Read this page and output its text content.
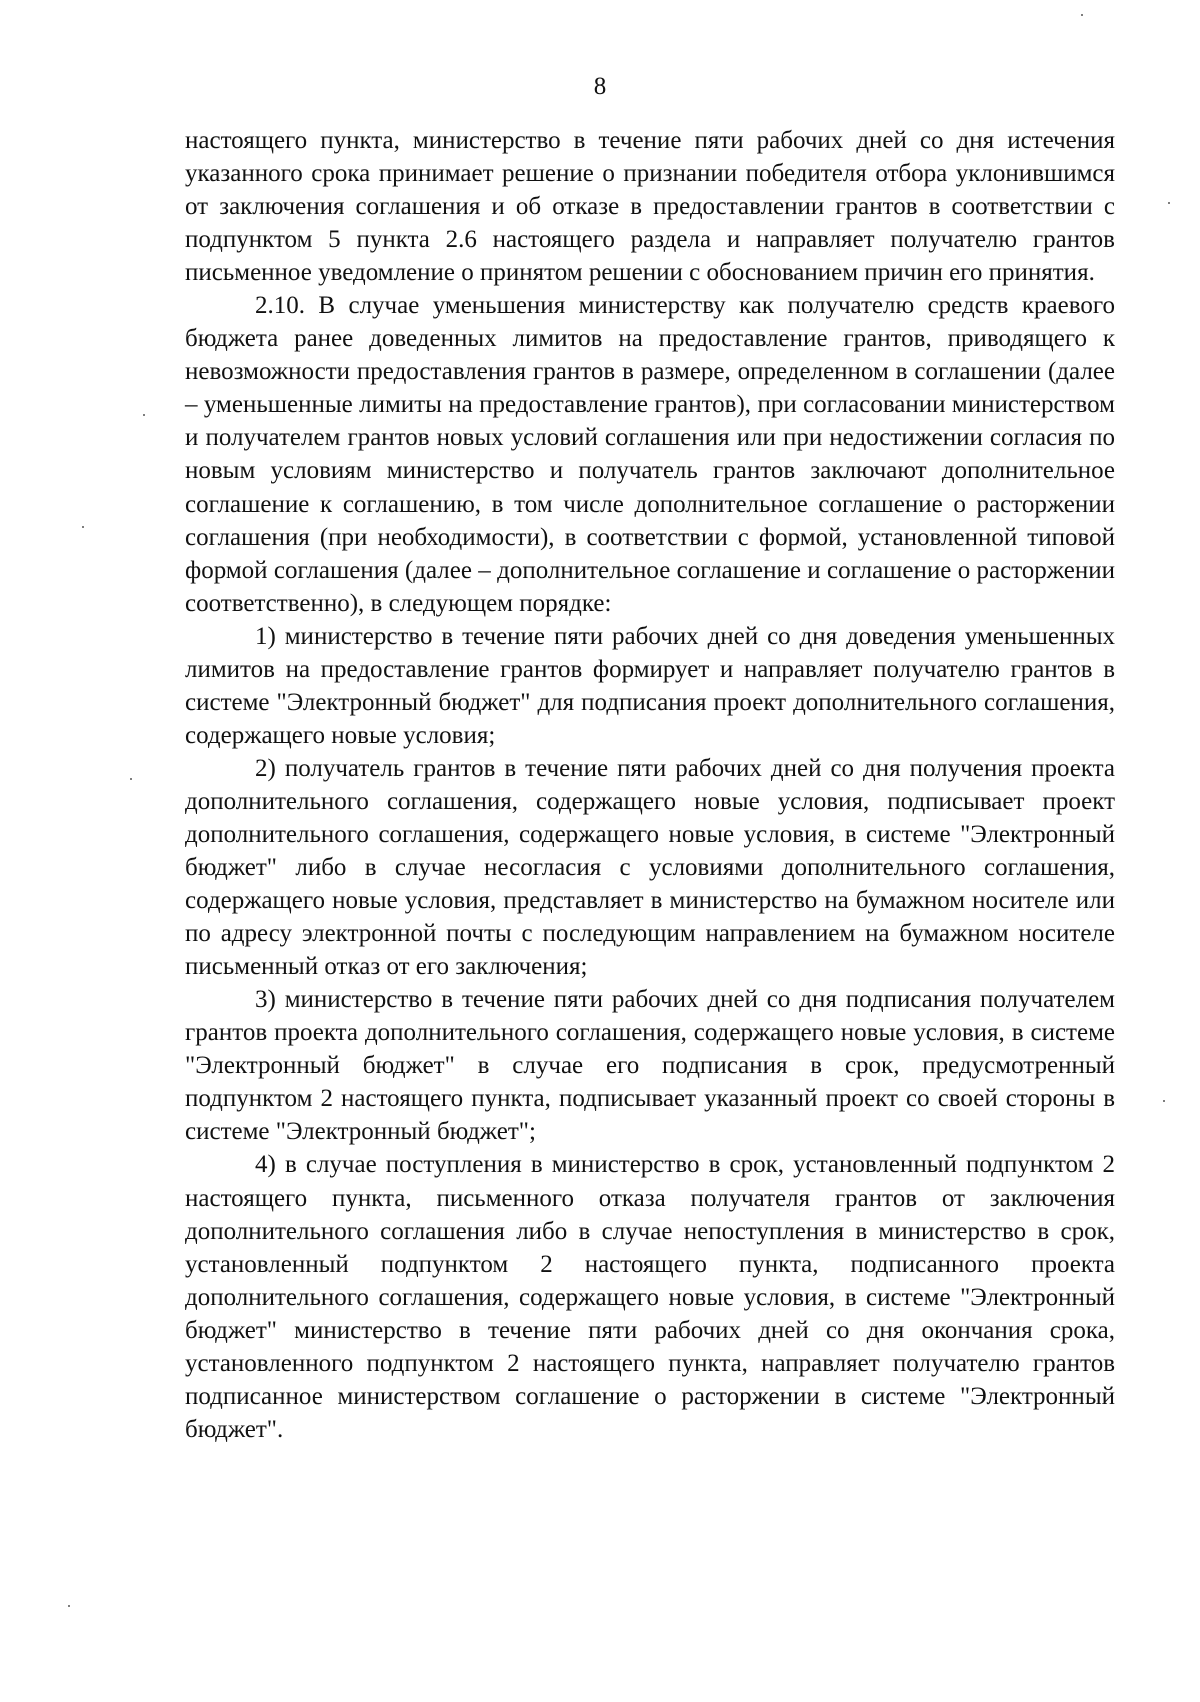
8

настоящего пункта, министерство в течение пяти рабочих дней со дня истечения указанного срока принимает решение о признании победителя отбора уклонившимся от заключения соглашения и об отказе в предоставлении грантов в соответствии с подпунктом 5 пункта 2.6 настоящего раздела и направляет получателю грантов письменное уведомление о принятом решении с обоснованием причин его принятия.

2.10. В случае уменьшения министерству как получателю средств краевого бюджета ранее доведенных лимитов на предоставление грантов, приводящего к невозможности предоставления грантов в размере, определенном в соглашении (далее – уменьшенные лимиты на предоставление грантов), при согласовании министерством и получателем грантов новых условий соглашения или при недостижении согласия по новым условиям министерство и получатель грантов заключают дополнительное соглашение к соглашению, в том числе дополнительное соглашение о расторжении соглашения (при необходимости), в соответствии с формой, установленной типовой формой соглашения (далее – дополнительное соглашение и соглашение о расторжении соответственно), в следующем порядке:

1) министерство в течение пяти рабочих дней со дня доведения уменьшенных лимитов на предоставление грантов формирует и направляет получателю грантов в системе "Электронный бюджет" для подписания проект дополнительного соглашения, содержащего новые условия;

2) получатель грантов в течение пяти рабочих дней со дня получения проекта дополнительного соглашения, содержащего новые условия, подписывает проект дополнительного соглашения, содержащего новые условия, в системе "Электронный бюджет" либо в случае несогласия с условиями дополнительного соглашения, содержащего новые условия, представляет в министерство на бумажном носителе или по адресу электронной почты с последующим направлением на бумажном носителе письменный отказ от его заключения;

3) министерство в течение пяти рабочих дней со дня подписания получателем грантов проекта дополнительного соглашения, содержащего новые условия, в системе "Электронный бюджет" в случае его подписания в срок, предусмотренный подпунктом 2 настоящего пункта, подписывает указанный проект со своей стороны в системе "Электронный бюджет";

4) в случае поступления в министерство в срок, установленный подпунктом 2 настоящего пункта, письменного отказа получателя грантов от заключения дополнительного соглашения либо в случае непоступления в министерство в срок, установленный подпунктом 2 настоящего пункта, подписанного проекта дополнительного соглашения, содержащего новые условия, в системе "Электронный бюджет" министерство в течение пяти рабочих дней со дня окончания срока, установленного подпунктом 2 настоящего пункта, направляет получателю грантов подписанное министерством соглашение о расторжении в системе "Электронный бюджет".
